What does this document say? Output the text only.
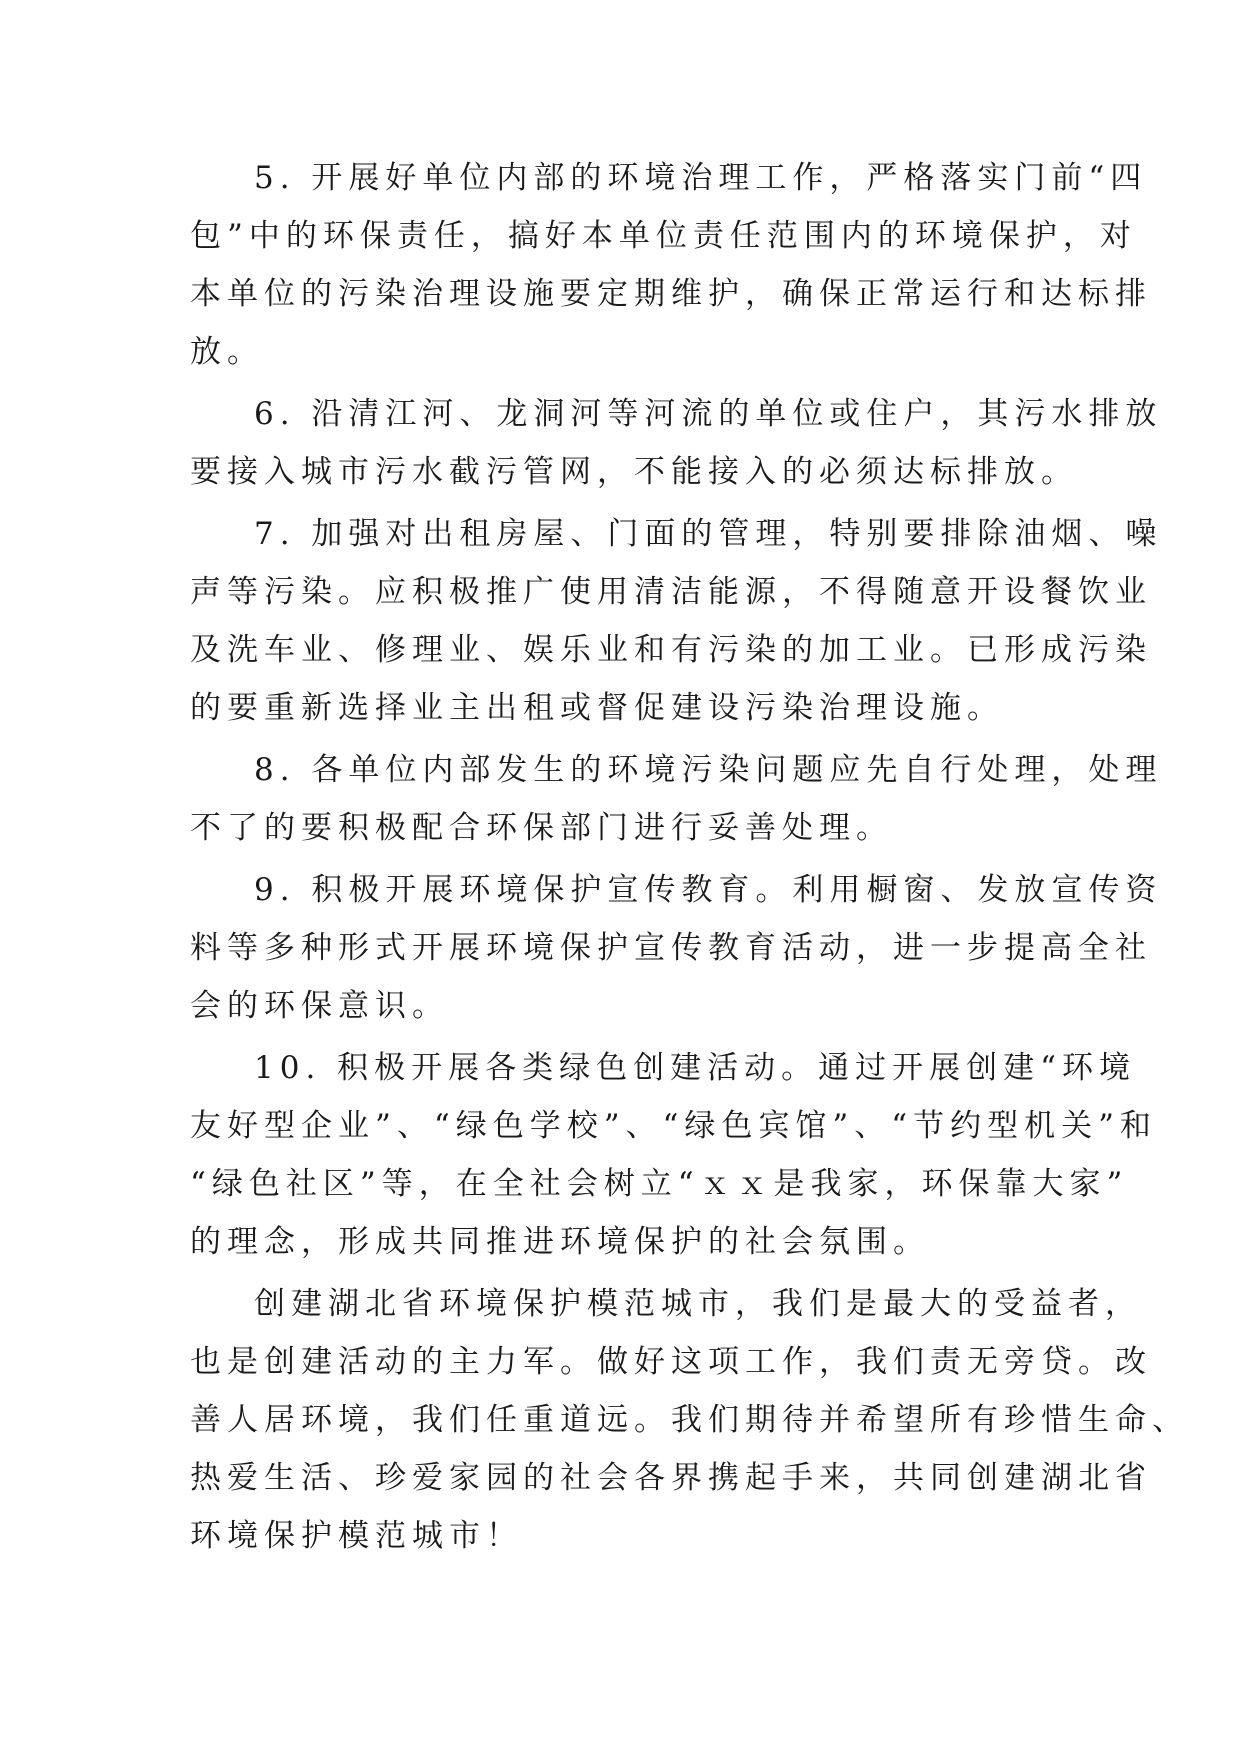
5. 开展好单位内部的环境治理工作，严格落实门前“四
包”中的环保责任，搞好本单位责任范围内的环境保护，对
本单位的污染治理设施要定期维护，确保正常运行和达标排
放。
6. 沿清江河、龙洞河等河流的单位或住户，其污水排放
要接入城市污水截污管网，不能接入的必须达标排放。
7. 加强对出租房屋、门面的管理，特别要排除油烟、噪
声等污染。应积极推广使用清洁能源，不得随意开设餐饮业
及洗车业、修理业、娱乐业和有污染的加工业。已形成污染
的要重新选择业主出租或督促建设污染治理设施。
8. 各单位内部发生的环境污染问题应先自行处理，处理
不了的要积极配合环保部门进行妥善处理。
9. 积极开展环境保护宣传教育。利用橱窗、发放宣传资
料等多种形式开展环境保护宣传教育活动，进一步提高全社
会的环保意识。
10. 积极开展各类绿色创建活动。通过开展创建“环境
友好型企业”、“绿色学校”、“绿色宾馆”、“节约型机关”和
“绿色社区”等，在全社会树立“ｘｘ是我家，环保靠大家”
的理念，形成共同推进环境保护的社会氛围。
创建湖北省环境保护模范城市，我们是最大的受益者，
也是创建活动的主力军。做好这项工作，我们责无旁贷。改
善人居环境，我们任重道远。我们期待并希望所有珍惜生命、
热爱生活、珍爱家园的社会各界携起手来，共同创建湖北省
环境保护模范城市！
